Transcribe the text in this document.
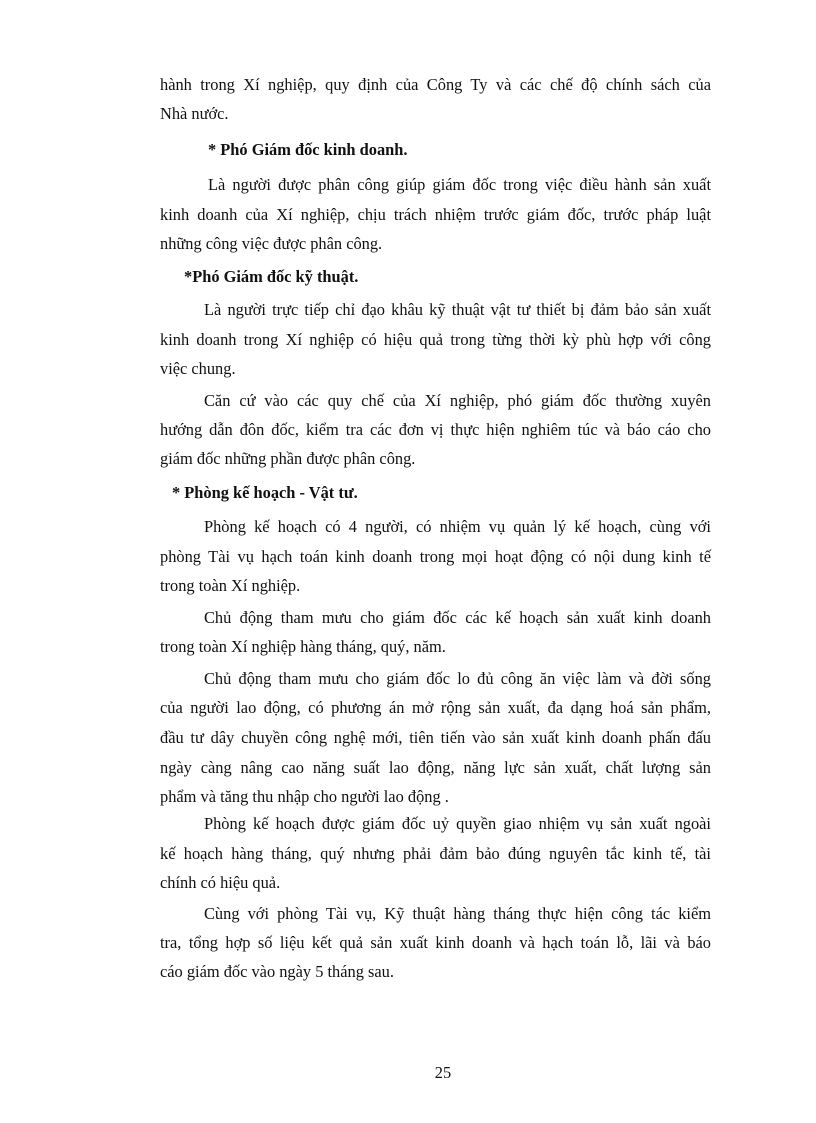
hành trong Xí nghiệp, quy định của Công Ty và các chế độ chính sách của
Nhà nước.
* Phó Giám đốc kinh doanh.
Là người được phân công giúp giám đốc trong việc điều hành sản xuất
kinh doanh của Xí nghiệp, chịu trách nhiệm trước giám đốc, trước pháp luật
những công việc được phân công.
*Phó Giám đốc kỹ thuật.
Là người trực tiếp chỉ đạo khâu kỹ thuật vật tư thiết bị đảm bảo sản xuất
kinh doanh trong Xí nghiệp có hiệu quả trong từng thời kỳ phù hợp với công
việc chung.
Căn cứ vào các quy chế của Xí nghiệp, phó giám đốc thường xuyên
hướng dẫn đôn đốc, kiểm tra các đơn vị thực hiện nghiêm túc và báo cáo cho
giám đốc những phần được phân công.
* Phòng kế hoạch - Vật tư.
Phòng kế hoạch có 4 người, có nhiệm vụ quản lý kế hoạch, cùng với
phòng Tài vụ hạch toán kinh doanh trong mọi hoạt động có nội dung kinh tế
trong toàn Xí nghiệp.
Chủ động tham mưu cho giám đốc các kế hoạch sản xuất kinh doanh
trong toàn Xí nghiệp hàng tháng, quý, năm.
Chủ động tham mưu cho giám đốc lo đủ công ăn việc làm và đời sống
của người lao động, có phương án mở rộng sản xuất, đa dạng hoá sản phẩm,
đầu tư dây chuyền công nghệ mới, tiên tiến vào sản xuất kinh doanh phấn đấu
ngày càng nâng cao năng suất lao động, năng lực sản xuất, chất lượng sản
phẩm và tăng thu nhập cho người lao động .
Phòng kế hoạch được giám đốc uỷ quyền giao nhiệm vụ sản xuất ngoài
kế hoạch hàng tháng, quý nhưng phải đảm bảo đúng nguyên tắc kinh tế, tài
chính có hiệu quả.
Cùng với phòng Tài vụ, Kỹ thuật hàng tháng thực hiện công tác kiểm
tra, tổng hợp số liệu kết quả sản xuất kinh doanh và hạch toán lỗ, lãi và báo
cáo giám đốc vào ngày 5 tháng sau.
25
